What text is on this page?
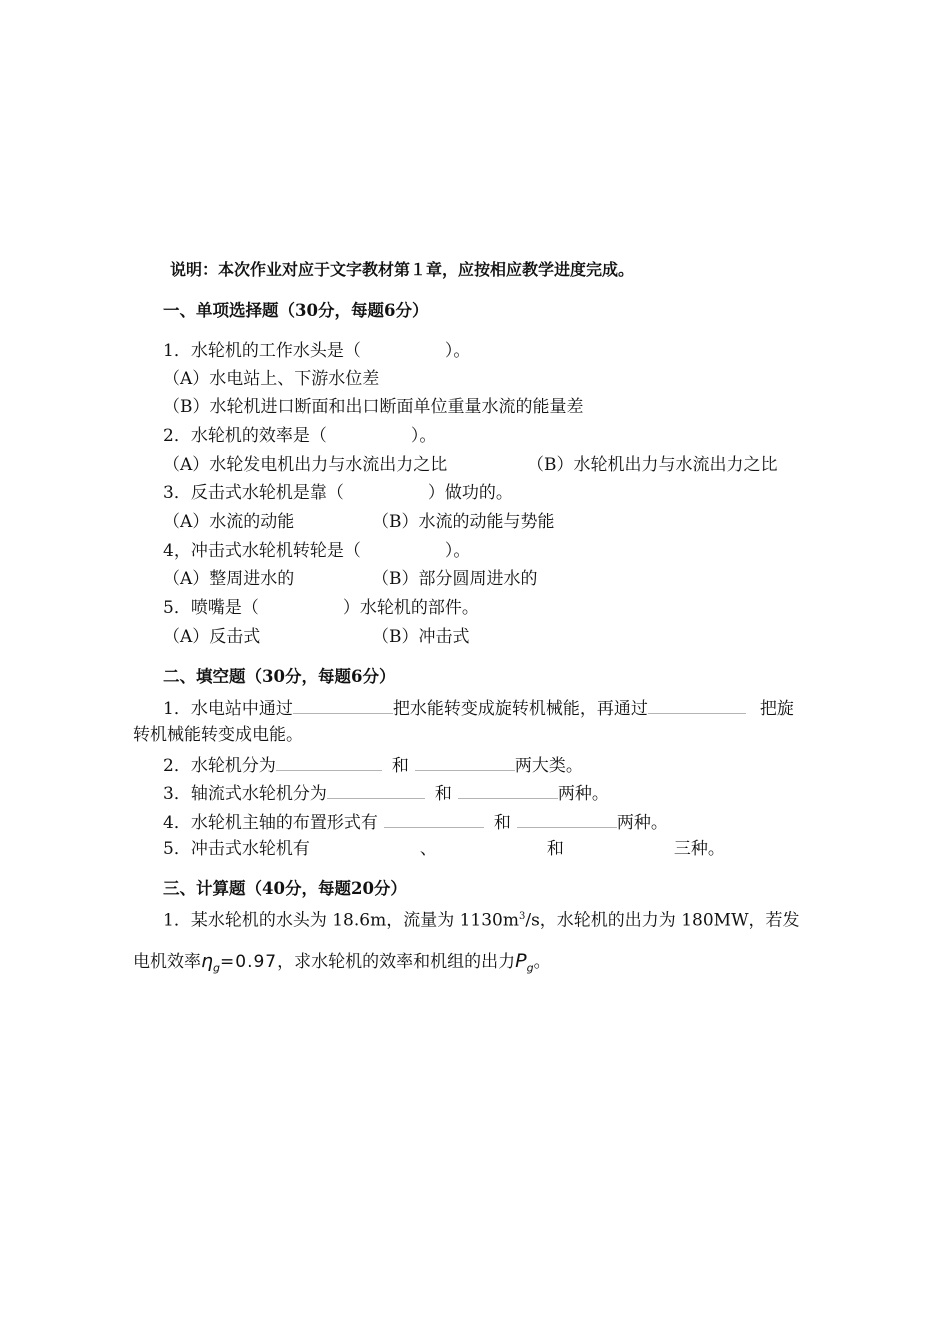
说明：本次作业对应于文字教材第１章，应按相应教学进度完成。
一、单项选择题（30分，每题6分）
1．水轮机的工作水头是（	）。
（A）水电站上、下游水位差
（B）水轮机进口断面和出口断面单位重量水流的能量差
2．水轮机的效率是（	）。
（A）水轮发电机出力与水流出力之比	（B）水轮机出力与水流出力之比
3．反击式水轮机是靠（	）做功的。
（A）水流的动能	（B）水流的动能与势能
4，冲击式水轮机转轮是（	）。
（A）整周进水的	（B）部分圆周进水的
5．喷嘴是（	）水轮机的部件。
（A）反击式	（B）冲击式
二、填空题（30分，每题6分）
1．水电站中通过	把水能转变成旋转机械能，再通过	把旋
转机械能转变成电能。
2．水轮机分为	和	两大类。
3．轴流式水轮机分为	和	两种。
4．水轮机主轴的布置形式有	和	两种。
5．冲击式水轮机有	、	和	三种。
三、计算题（40分，每题20分）
1．某水轮机的水头为 18.6m，流量为 $1130m^3/s$，水轮机的出力为 180MW，若发
电机效率$\eta_g=0.97$，求水轮机的效率和机组的出力$P_g$。
